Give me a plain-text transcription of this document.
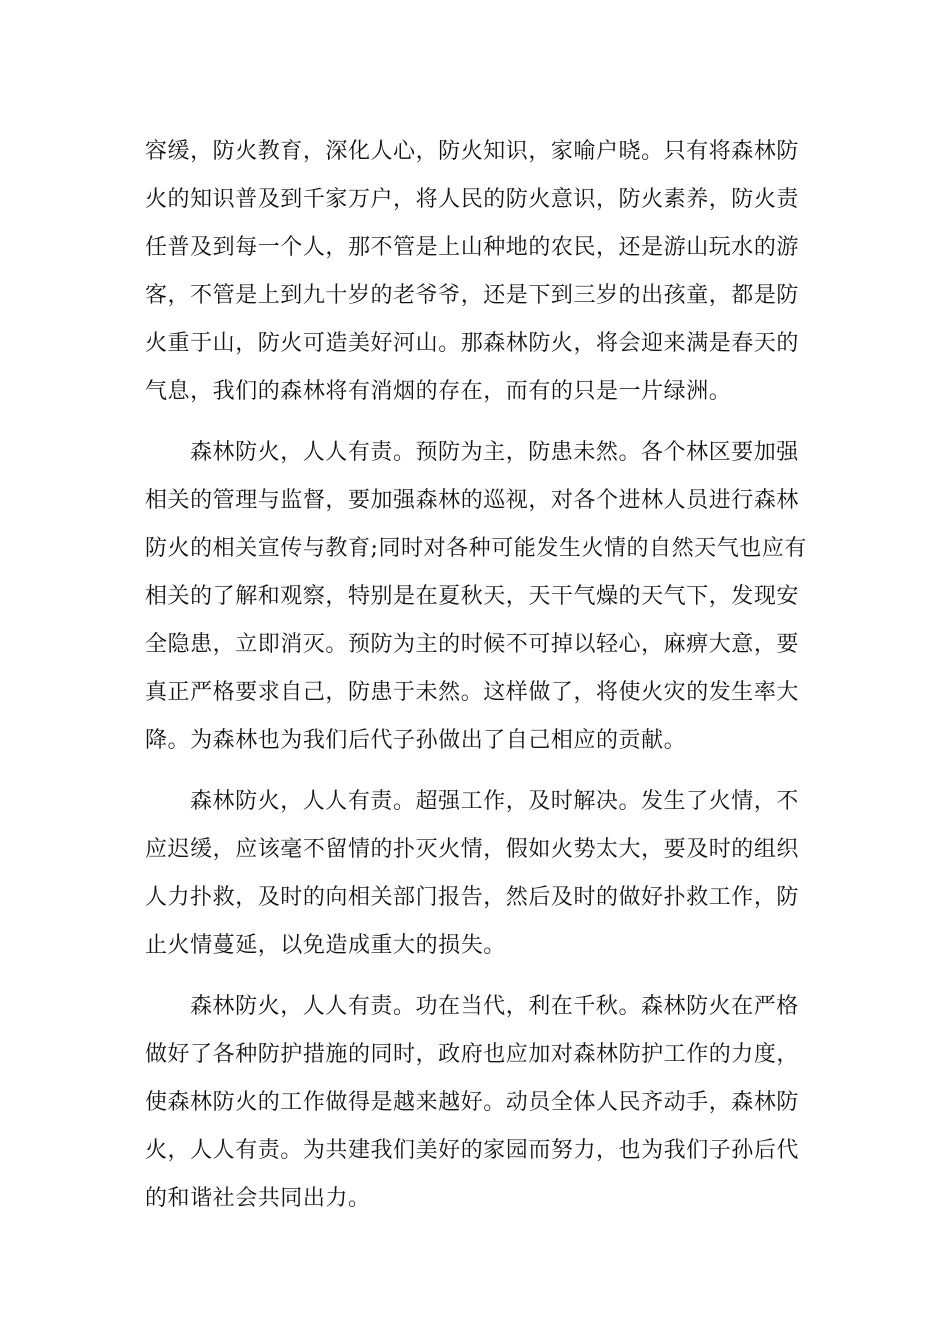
容缓，防火教育，深化人心，防火知识，家喻户晓。只有将森林防
火的知识普及到千家万户，将人民的防火意识，防火素养，防火责
任普及到每一个人，那不管是上山种地的农民，还是游山玩水的游
客，不管是上到九十岁的老爷爷，还是下到三岁的出孩童，都是防
火重于山，防火可造美好河山。那森林防火，将会迎来满是春天的
气息，我们的森林将有消烟的存在，而有的只是一片绿洲。

森林防火，人人有责。预防为主，防患未然。各个林区要加强
相关的管理与监督，要加强森林的巡视，对各个进林人员进行森林
防火的相关宣传与教育;同时对各种可能发生火情的自然天气也应有
相关的了解和观察，特别是在夏秋天，天干气燥的天气下，发现安
全隐患，立即消灭。预防为主的时候不可掉以轻心，麻痹大意，要
真正严格要求自己，防患于未然。这样做了，将使火灾的发生率大
降。为森林也为我们后代子孙做出了自己相应的贡献。

森林防火，人人有责。超强工作，及时解决。发生了火情，不
应迟缓，应该毫不留情的扑灭火情，假如火势太大，要及时的组织
人力扑救，及时的向相关部门报告，然后及时的做好扑救工作，防
止火情蔓延，以免造成重大的损失。

森林防火，人人有责。功在当代，利在千秋。森林防火在严格
做好了各种防护措施的同时，政府也应加对森林防护工作的力度，
使森林防火的工作做得是越来越好。动员全体人民齐动手，森林防
火，人人有责。为共建我们美好的家园而努力，也为我们子孙后代
的和谐社会共同出力。
